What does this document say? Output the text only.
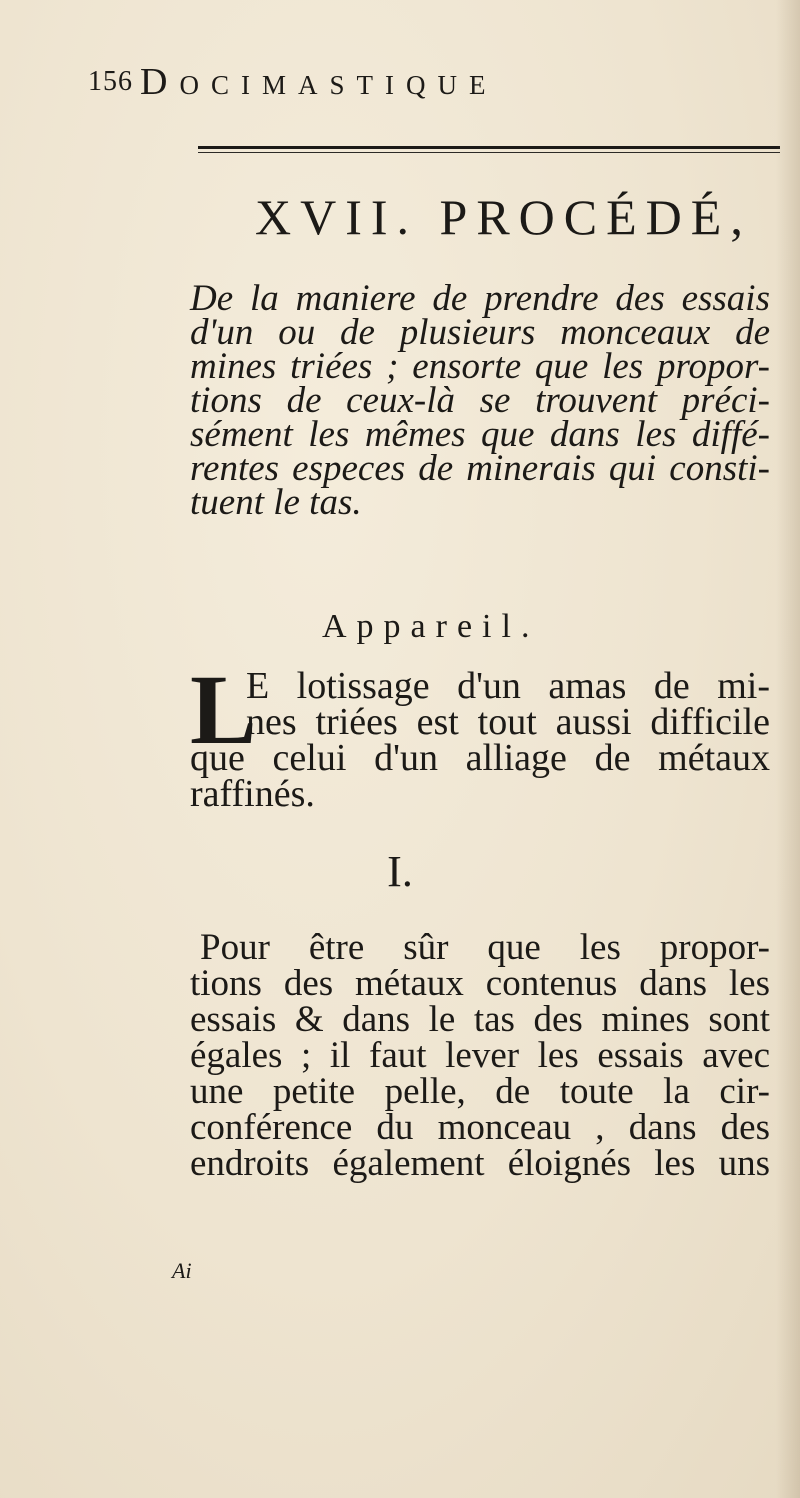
156 Docimastique
XVII. PROCÉDÉ,

De la maniere de prendre des essais
d'un ou de plusieurs monceaux de
mines triées ; ensorte que les propor-
tions de ceux-là se trouvent préci-
sément les mêmes que dans les diffé-
rentes especes de minerais qui consti-
tuent le tas.

Appareil.
L
E lotissage d'un amas de mi-
nes triées est tout aussi difficile
que celui d'un alliage de métaux
raffinés.
I.
Pour être sûr que les propor-
tions des métaux contenus dans les
essais & dans le tas des mines sont
égales ; il faut lever les essais avec
une petite pelle, de toute la cir-
conférence du monceau , dans des
endroits également éloignés les uns
Ai
